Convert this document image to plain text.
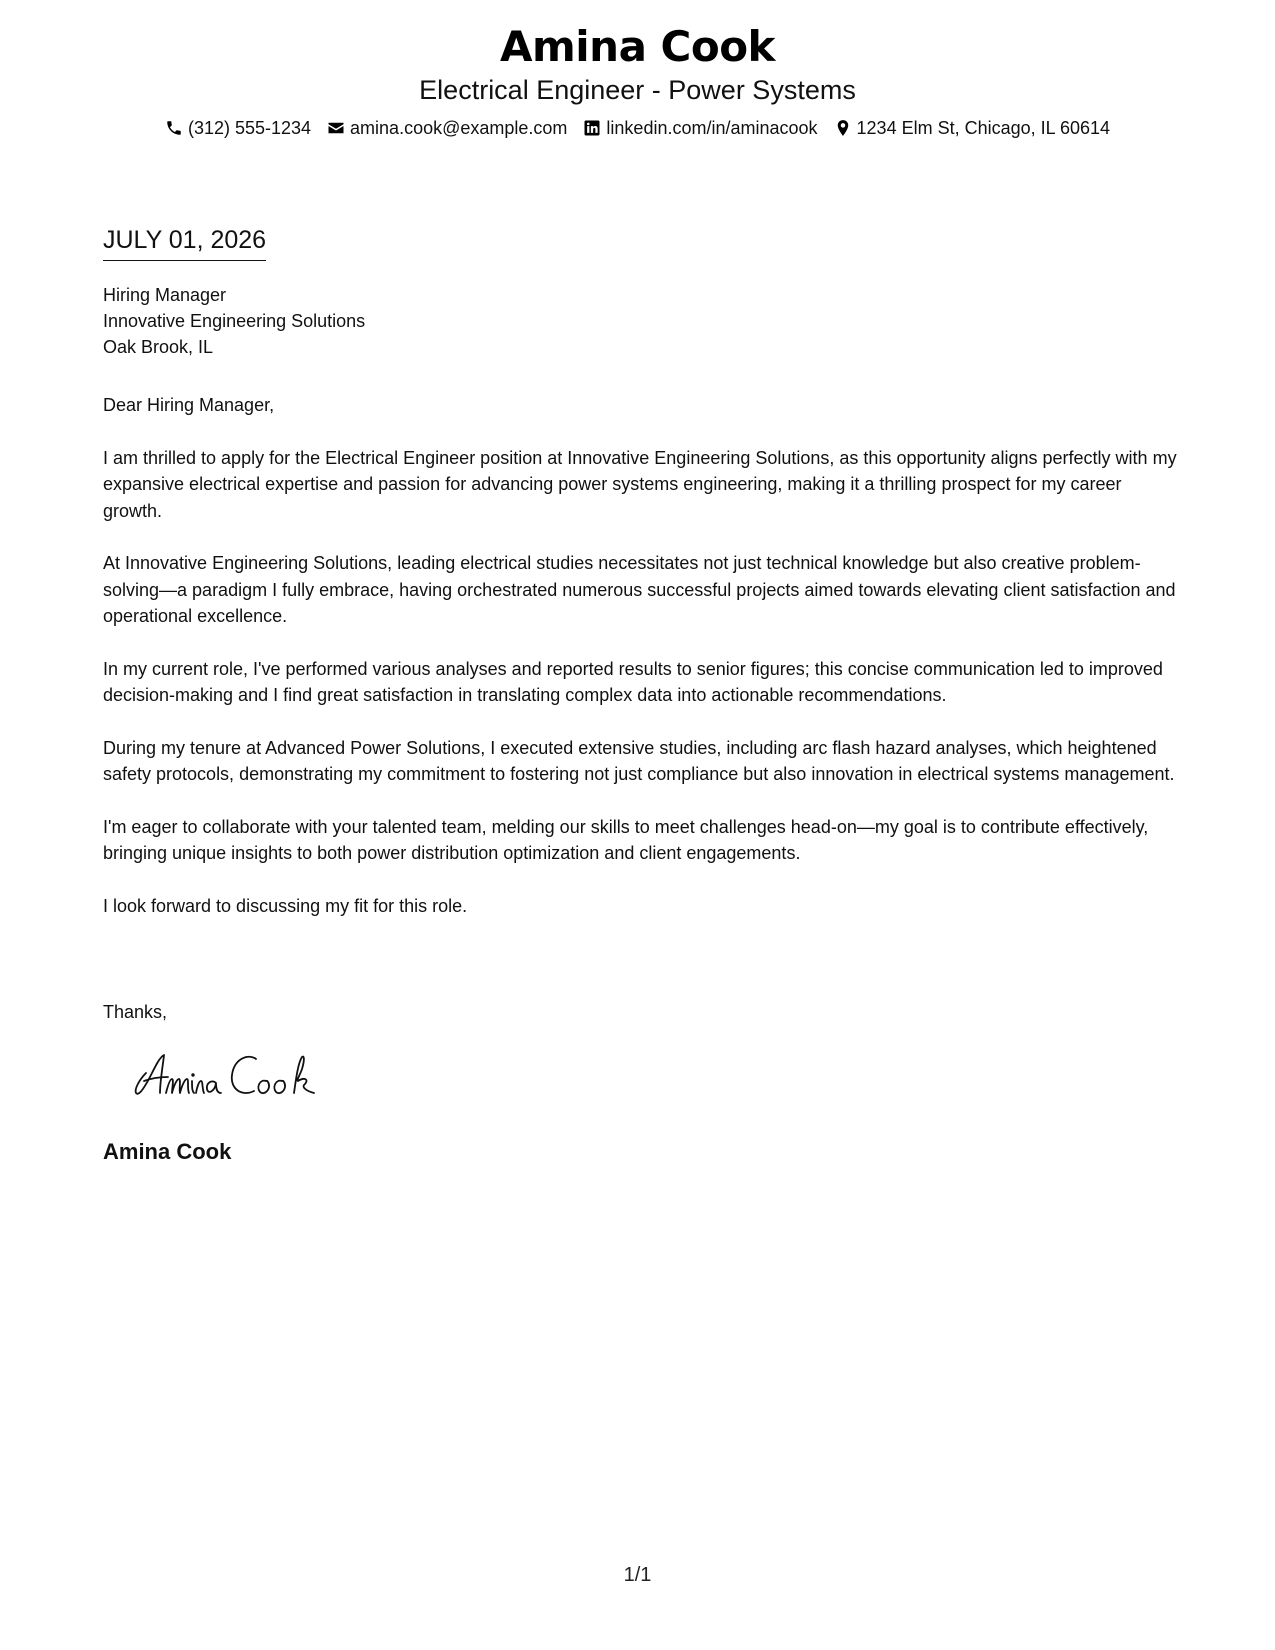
Amina Cook
Electrical Engineer - Power Systems
(312) 555-1234 amina.cook@example.com linkedin.com/in/aminacook 1234 Elm St, Chicago, IL 60614
JULY 01, 2026
Hiring Manager
Innovative Engineering Solutions
Oak Brook, IL

Dear Hiring Manager,

I am thrilled to apply for the Electrical Engineer position at Innovative Engineering Solutions, as this opportunity aligns perfectly with my expansive electrical expertise and passion for advancing power systems engineering, making it a thrilling prospect for my career growth.

At Innovative Engineering Solutions, leading electrical studies necessitates not just technical knowledge but also creative problem-solving—a paradigm I fully embrace, having orchestrated numerous successful projects aimed towards elevating client satisfaction and operational excellence.

In my current role, I've performed various analyses and reported results to senior figures; this concise communication led to improved decision-making and I find great satisfaction in translating complex data into actionable recommendations.

During my tenure at Advanced Power Solutions, I executed extensive studies, including arc flash hazard analyses, which heightened safety protocols, demonstrating my commitment to fostering not just compliance but also innovation in electrical systems management.

I'm eager to collaborate with your talented team, melding our skills to meet challenges head-on—my goal is to contribute effectively, bringing unique insights to both power distribution optimization and client engagements.

I look forward to discussing my fit for this role.

Thanks,
Amina Cook
1/1
